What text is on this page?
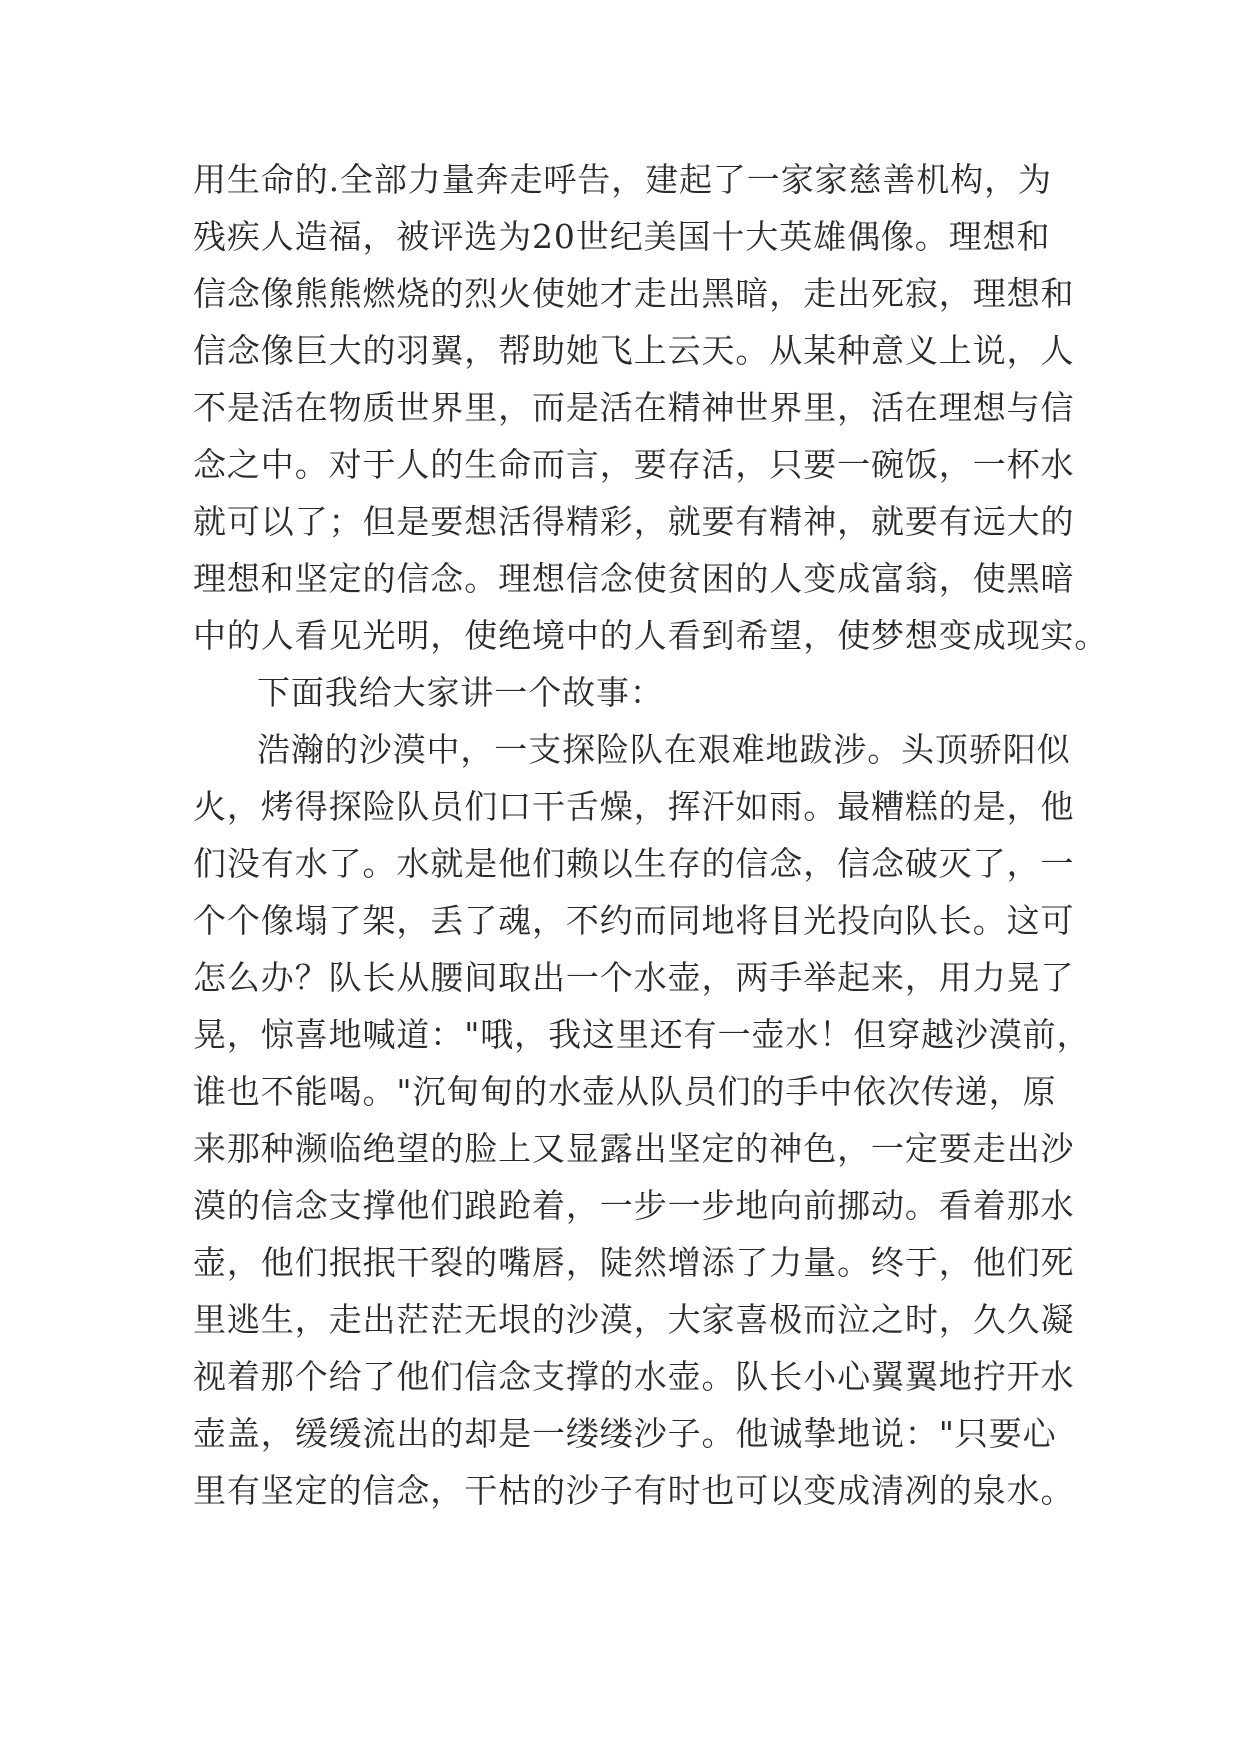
用生命的.全部力量奔走呼告，建起了一家家慈善机构，为
残疾人造福，被评选为20世纪美国十大英雄偶像。理想和
信念像熊熊燃烧的烈火使她才走出黑暗，走出死寂，理想和
信念像巨大的羽翼，帮助她飞上云天。从某种意义上说，人
不是活在物质世界里，而是活在精神世界里，活在理想与信
念之中。对于人的生命而言，要存活，只要一碗饭，一杯水
就可以了；但是要想活得精彩，就要有精神，就要有远大的
理想和坚定的信念。理想信念使贫困的人变成富翁，使黑暗
中的人看见光明，使绝境中的人看到希望，使梦想变成现实。
下面我给大家讲一个故事：
浩瀚的沙漠中，一支探险队在艰难地跋涉。头顶骄阳似
火，烤得探险队员们口干舌燥，挥汗如雨。最糟糕的是，他
们没有水了。水就是他们赖以生存的信念，信念破灭了，一
个个像塌了架，丢了魂，不约而同地将目光投向队长。这可
怎么办？队长从腰间取出一个水壶，两手举起来，用力晃了
晃，惊喜地喊道："哦，我这里还有一壶水！但穿越沙漠前，
谁也不能喝。"沉甸甸的水壶从队员们的手中依次传递，原
来那种濒临绝望的脸上又显露出坚定的神色，一定要走出沙
漠的信念支撑他们踉跄着，一步一步地向前挪动。看着那水
壶，他们抿抿干裂的嘴唇，陡然增添了力量。终于，他们死
里逃生，走出茫茫无垠的沙漠，大家喜极而泣之时，久久凝
视着那个给了他们信念支撑的水壶。队长小心翼翼地拧开水
壶盖，缓缓流出的却是一缕缕沙子。他诚挚地说："只要心
里有坚定的信念，干枯的沙子有时也可以变成清冽的泉水。
